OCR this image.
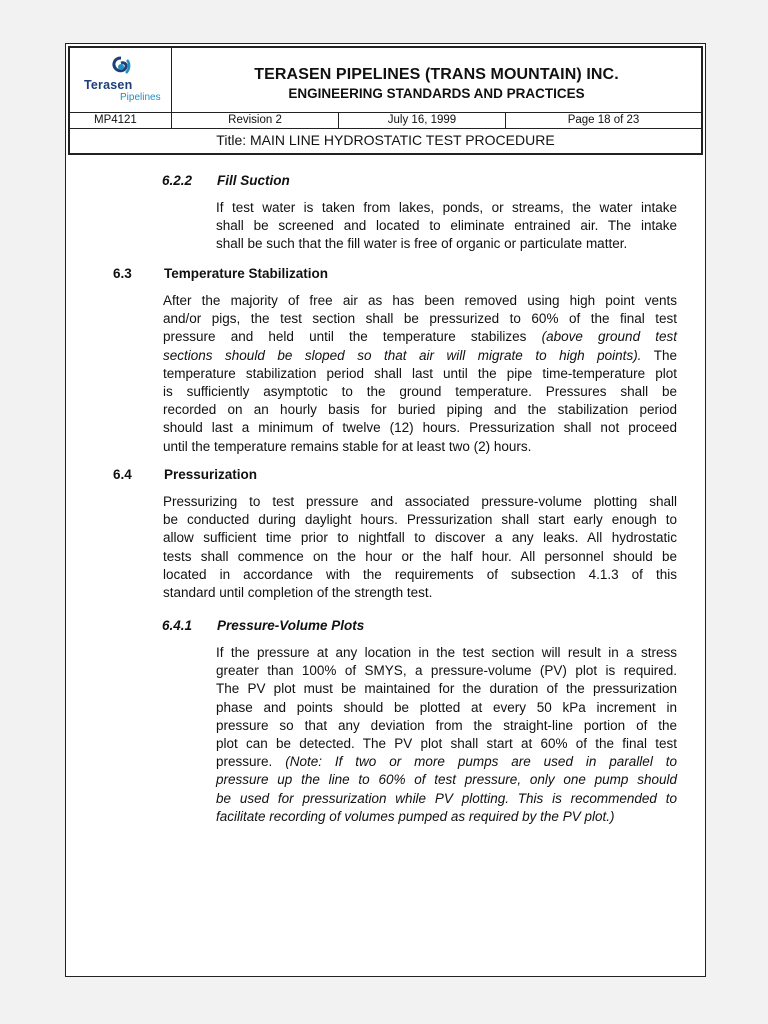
Terasen
Pipelines
TERASEN PIPELINES (TRANS MOUNTAIN) INC.
ENGINEERING STANDARDS AND PRACTICES
MP4121	Revision 2	July 16, 1999	Page 18 of 23
Title: MAIN LINE HYDROSTATIC TEST PROCEDURE
6.2.2 Fill Suction
If test water is taken from lakes, ponds, or streams, the water intake
shall be screened and located to eliminate entrained air. The intake
shall be such that the fill water is free of organic or particulate matter.
6.3 Temperature Stabilization
After the majority of free air as has been removed using high point vents
and/or pigs, the test section shall be pressurized to 60% of the final test
pressure and held until the temperature stabilizes (above ground test
sections should be sloped so that air will migrate to high points). The
temperature stabilization period shall last until the pipe time-temperature plot
is sufficiently asymptotic to the ground temperature. Pressures shall be
recorded on an hourly basis for buried piping and the stabilization period
should last a minimum of twelve (12) hours. Pressurization shall not proceed
until the temperature remains stable for at least two (2) hours.
6.4 Pressurization
Pressurizing to test pressure and associated pressure-volume plotting shall
be conducted during daylight hours. Pressurization shall start early enough to
allow sufficient time prior to nightfall to discover a any leaks. All hydrostatic
tests shall commence on the hour or the half hour. All personnel should be
located in accordance with the requirements of subsection 4.1.3 of this
standard until completion of the strength test.
6.4.1 Pressure-Volume Plots
If the pressure at any location in the test section will result in a stress
greater than 100% of SMYS, a pressure-volume (PV) plot is required.
The PV plot must be maintained for the duration of the pressurization
phase and points should be plotted at every 50 kPa increment in
pressure so that any deviation from the straight-line portion of the
plot can be detected. The PV plot shall start at 60% of the final test
pressure. (Note: If two or more pumps are used in parallel to
pressure up the line to 60% of test pressure, only one pump should
be used for pressurization while PV plotting. This is recommended to
facilitate recording of volumes pumped as required by the PV plot.)
